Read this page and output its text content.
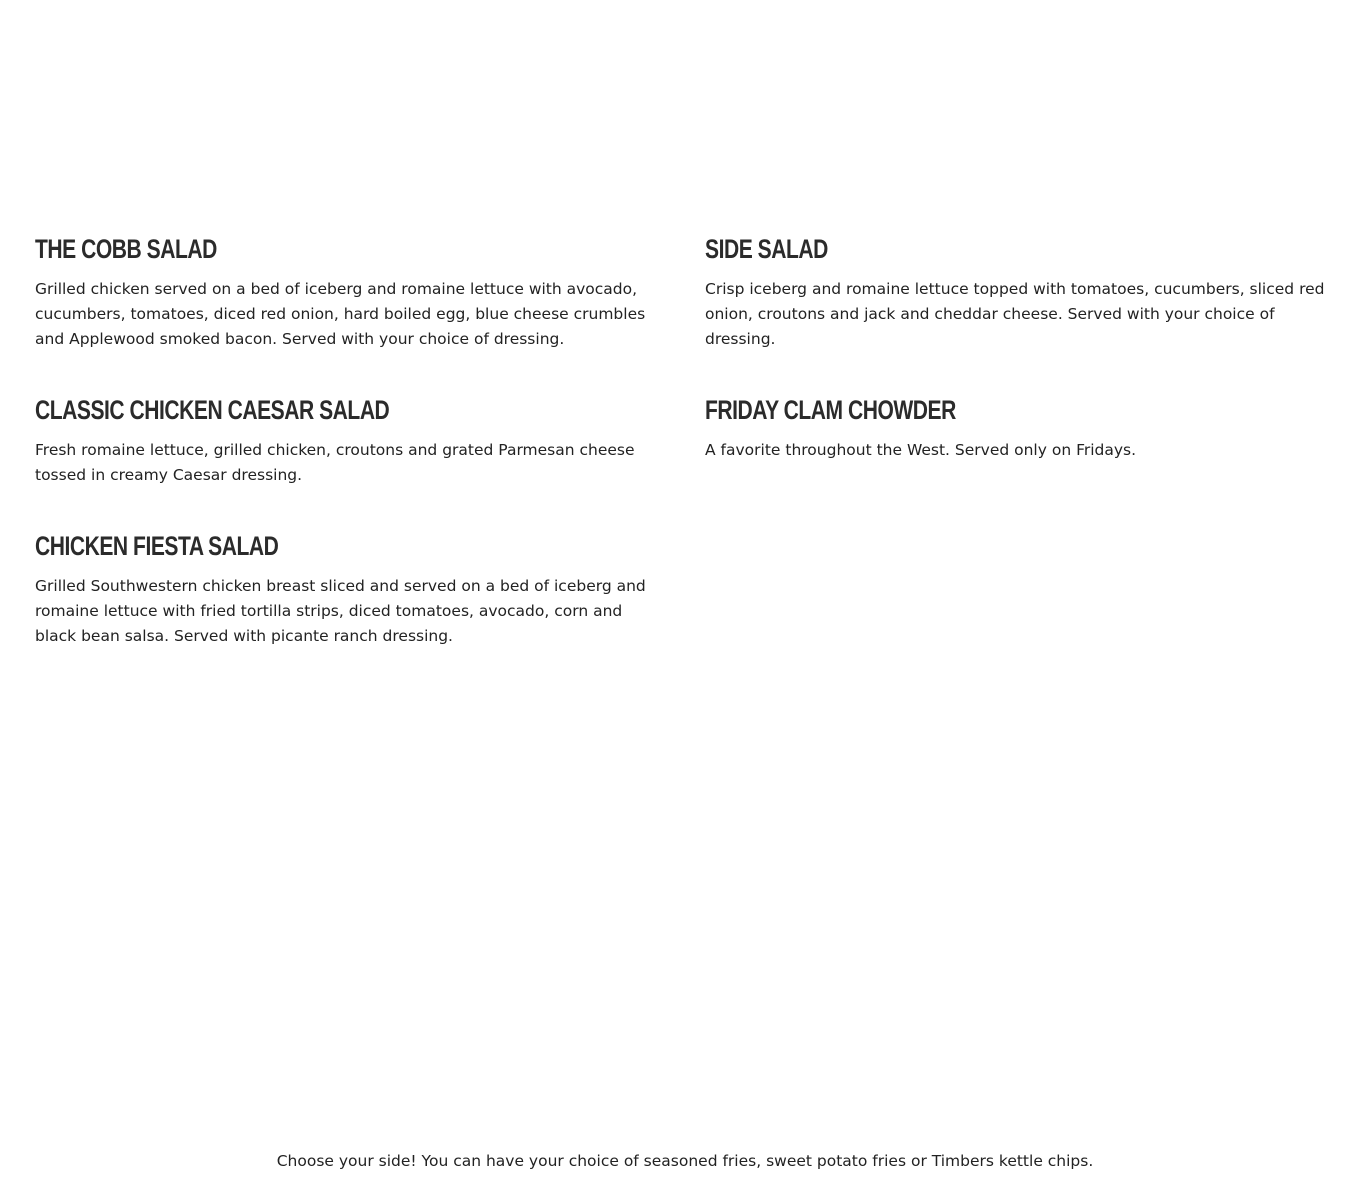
THE COBB SALAD

Grilled chicken served on a bed of iceberg and romaine lettuce with avocado, cucumbers, tomatoes, diced red onion, hard boiled egg, blue cheese crumbles and Applewood smoked bacon. Served with your choice of dressing.

CLASSIC CHICKEN CAESAR SALAD

Fresh romaine lettuce, grilled chicken, croutons and grated Parmesan cheese tossed in creamy Caesar dressing.

CHICKEN FIESTA SALAD

Grilled Southwestern chicken breast sliced and served on a bed of iceberg and romaine lettuce with fried tortilla strips, diced tomatoes, avocado, corn and black bean salsa. Served with picante ranch dressing.

SIDE SALAD

Crisp iceberg and romaine lettuce topped with tomatoes, cucumbers, sliced red onion, croutons and jack and cheddar cheese. Served with your choice of dressing.

FRIDAY CLAM CHOWDER

A favorite throughout the West. Served only on Fridays.

Choose your side! You can have your choice of seasoned fries, sweet potato fries or Timbers kettle chips.
